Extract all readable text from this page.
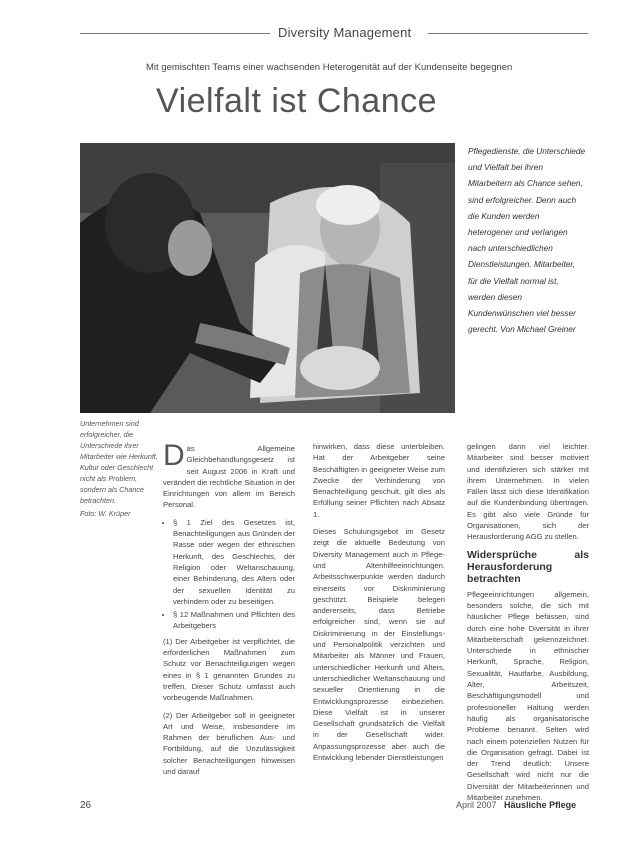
Diversity Management
Mit gemischten Teams einer wachsenden Heterogenität auf der Kundenseite begegnen
Vielfalt ist Chance
Pflegedienste, die Unterschiede und Vielfalt bei ihren Mitarbeitern als Chance sehen, sind erfolgreicher. Denn auch die Kunden werden heterogener und verlangen nach unterschiedlichen Dienstleistungen. Mitarbeiter, für die Vielfalt normal ist, werden diesen Kundenwünschen viel besser gerecht. Von Michael Greiner
Unternehmen sind erfolgreicher, die Unterschiede ihrer Mitarbeiter wie Herkunft, Kultur oder Geschlecht nicht als Problem, sondern als Chance betrachten.
Foto: W. Krüper

Das Allgemeine Gleichbehandlungsgesetz ist seit August 2006 in Kraft und verändert die rechtliche Situation in der Einrichtungen von allem im Bereich Personal.

• § 1 Ziel des Gesetzes ist, Benachteiligungen aus Gründen der Rasse oder wegen der ethnischen Herkunft, des Geschlechts, der Religion oder Weltanschauung, einer Behinderung, des Alters oder der sexuellen Identität zu verhindern oder zu beseitigen.
• § 12 Maßnahmen und Pflichten des Arbeitgebers

(1) Der Arbeitgeber ist verpflichtet, die erforderlichen Maßnahmen zum Schutz vor Benachteiligungen wegen eines in § 1 genannten Grundes zu treffen. Dieser Schutz umfasst auch vorbeugende Maßnahmen.

(2) Der Arbeitgeber soll in geeigneter Art und Weise, insbesondere im Rahmen der beruflichen Aus- und Fortbildung, auf die Unzulässigkeit solcher Benachteiligungen hinweisen und darauf

hinwirken, dass diese unterbleiben. Hat der Arbeitgeber seine Beschäftigten in geeigneter Weise zum Zwecke der Verhinderung von Benachteiligung geschult, gilt dies als Erfüllung seiner Pflichten nach Absatz 1.

Dieses Schulungsgebot im Gesetz zeigt die aktuelle Bedeutung von Diversity Management auch in Pflege- und Altenhilfeeinrichtungen. Arbeitsschwerpunkte werden dadurch einerseits vor Diskriminierung geschützt. Beispiele belegen andererseits, dass Betriebe erfolgreicher sind, wenn sie auf Diskriminierung in der Einstellungs- und Personalpolitik verzichten und Mitarbeiter als Männer und Frauen, unterschiedlicher Herkunft und Alters, unterschiedlicher Weltanschauung und sexueller Orientierung in die Entwicklungsprozesse einbeziehen. Diese Vielfalt ist in unserer Gesellschaft grundsätzlich die Vielfalt in der Gesellschaft wider. Anpassungsprozesse aber auch die Entwicklung lebender Dienstleistungen

gelingen dann viel leichter. Mitarbeiter sind besser motiviert und identifizieren sich stärker mit ihrem Unternehmen. In vielen Fällen lässt sich diese Identifikation auf die Kundenbindung übertragen. Es gibt also viele Gründe für Organisationen, sich der Herausforderung AGG zu stellen.

Widersprüche als Herausforderung betrachten

Pflegeeinrichtungen allgemein, besonders solche, die sich mit häuslicher Pflege befassen, sind durch eine hohe Diversität in ihrer Mitarbeiterschaft gekennzeichnet. Unterschiede in ethnischer Herkunft, Sprache, Religion, Sexualität, Hautfarbe, Ausbildung, Alter, Arbeitszeit, Beschäftigungsmodell und professioneller Haltung werden häufig als organisatorische Probleme benannt. Selten wird nach einem potenziellen Nutzen für die Organisation gefragt. Dabei ist der Trend deutlich: Unsere Gesellschaft wird nicht nur die Diversität der Mitarbeiterinnen und Mitarbeiter zunehmen.

26	April 2007 Häusliche Pflege
